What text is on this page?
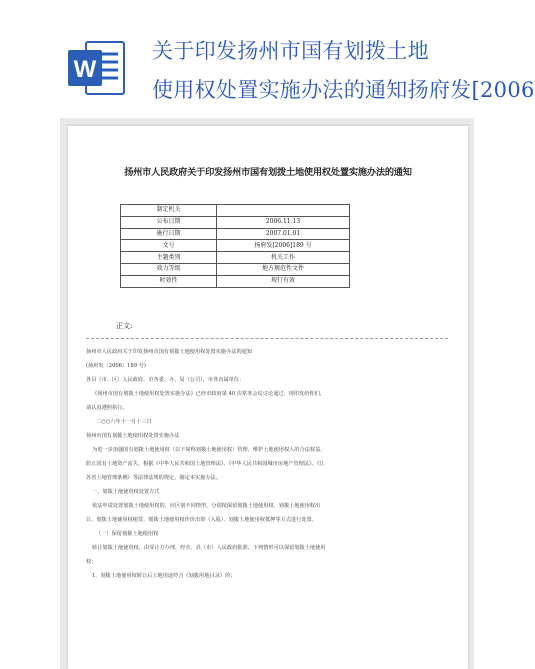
W
关于印发扬州市国有划拨土地
使用权处置实施办法的通知扬府发[2006
扬州市人民政府关于印发扬州市国有划拨土地使用权处置实施办法的通知
制定机关	
公布日期	2006.11.13
施行日期	2007.01.01
文号	扬府发[2006]189 号
主题类别	机关工作
效力等级	地方规范性文件
时效性	现行有效
正文:
扬州市人民政府关于印发扬州市国有划拨土地使用权处置实施办法的通知
(扬府发〔2006〕189 号)
各县（市、区）人民政府，市各委、办、局（公司），市各直属单位：
《扬州市国有划拨土地使用权处置实施办法》已经市政府第 40 次常务会议讨论通过，现印发给你们，
请认真遵照执行。
二○○六年十一月十三日
扬州市国有划拨土地使用权处置实施办法
为进一步加强国有划拨土地使用权（以下简称划拨土地使用权）管理，维护土地使用权人的合法权益，
防止国有土地资产流失，根据《中华人民共和国土地管理法》、《中华人民共和国城市房地产管理法》、《江
苏省土地管理条例》等法律法规的规定，制定本实施办法。
一、划拨土地使用权处置方式
依法申请处置划拨土地使用权的，应区别不同情形，分别按保留划拨土地使用权、划拨土地使用权出
让、划拨土地使用权租赁、划拨土地使用权作价出资（入股）、划拨土地使用权抵押等方式进行处置。
（一）保留划拨土地使用权
转让划拨土地使用权，由受让方办理，经市、县（市）人民政府批准，下列情形可以保留划拨土地使用
权：
1、划拨土地使用权转让后土地用途符合《划拨用地目录》的；
